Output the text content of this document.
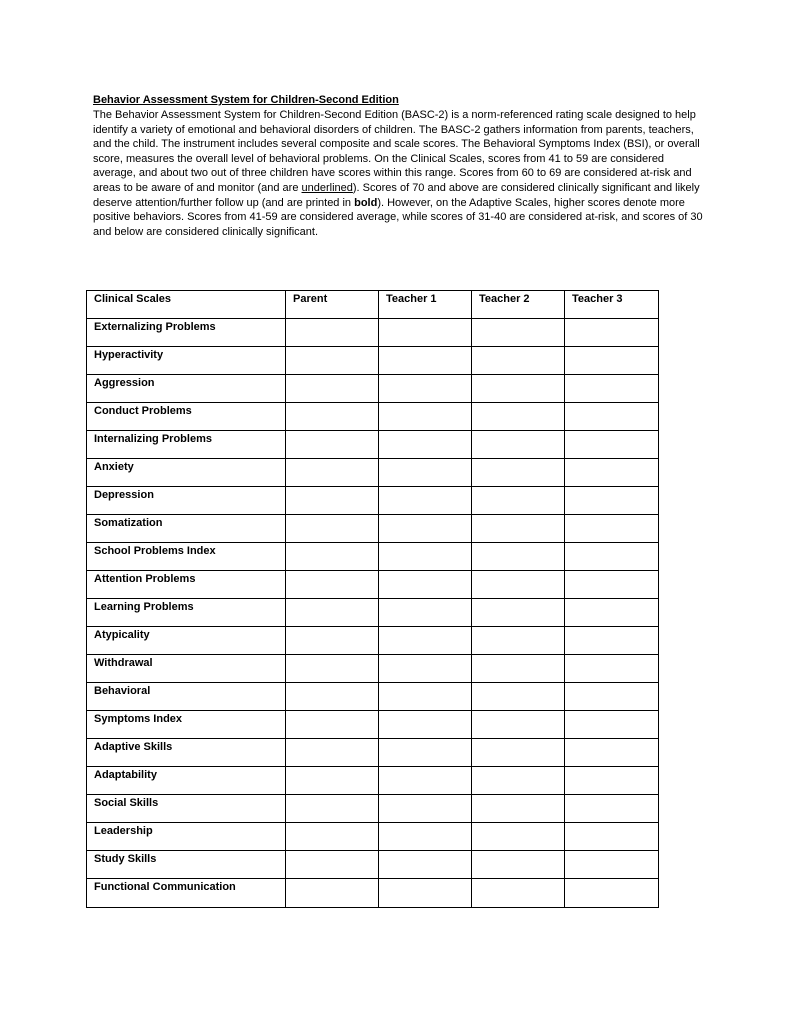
Behavior Assessment System for Children-Second Edition

The Behavior Assessment System for Children-Second Edition (BASC-2) is a norm-referenced rating scale designed to help identify a variety of emotional and behavioral disorders of children. The BASC-2 gathers information from parents, teachers, and the child. The instrument includes several composite and scale scores. The Behavioral Symptoms Index (BSI), or overall score, measures the overall level of behavioral problems. On the Clinical Scales, scores from 41 to 59 are considered average, and about two out of three children have scores within this range. Scores from 60 to 69 are considered at-risk and areas to be aware of and monitor (and are underlined). Scores of 70 and above are considered clinically significant and likely deserve attention/further follow up (and are printed in bold). However, on the Adaptive Scales, higher scores denote more positive behaviors. Scores from 41-59 are considered average, while scores of 31-40 are considered at-risk, and scores of 30 and below are considered clinically significant.

Clinical Scales	Parent	Teacher 1	Teacher 2	Teacher 3
Externalizing Problems				
Hyperactivity				
Aggression				
Conduct Problems				
Internalizing Problems				
Anxiety				
Depression				
Somatization				
School Problems Index				
Attention Problems				
Learning Problems				
Atypicality				
Withdrawal				
Behavioral				
Symptoms Index				
Adaptive Skills				
Adaptability				
Social Skills				
Leadership				
Study Skills				
Functional Communication				
